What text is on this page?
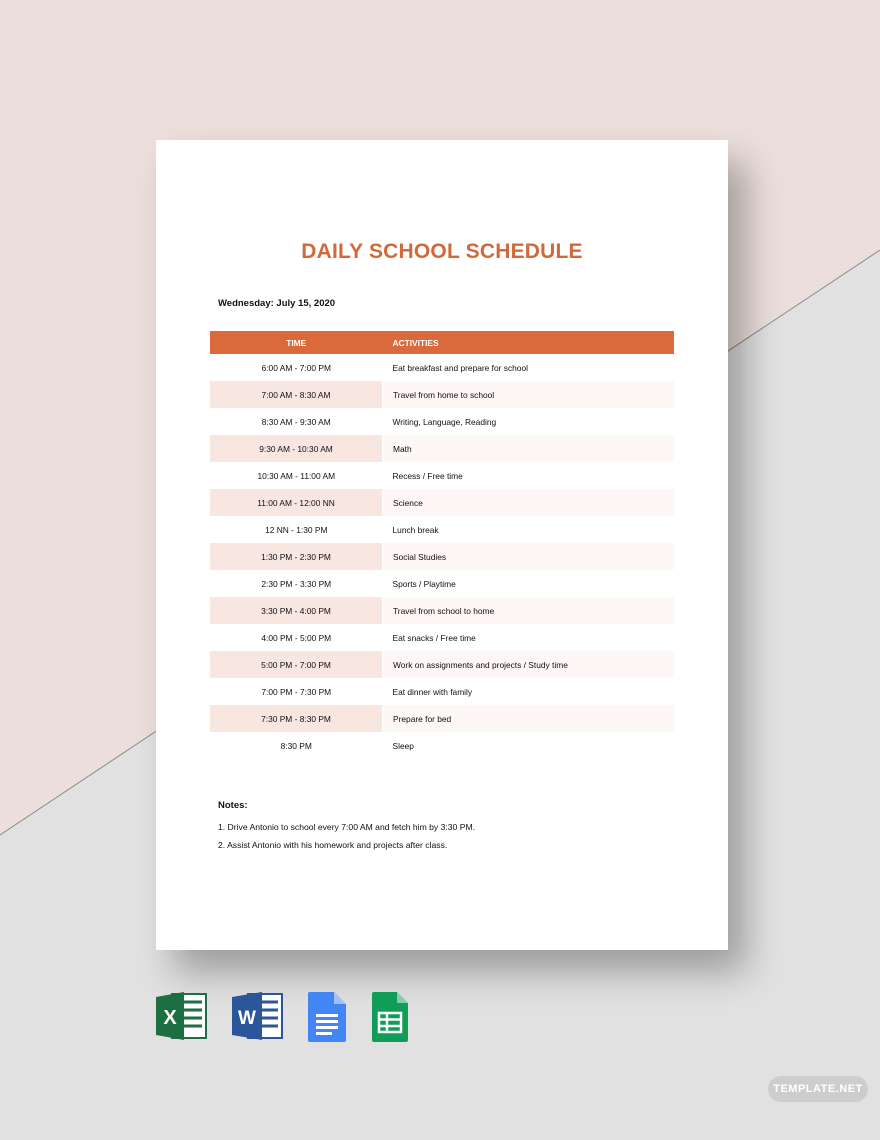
DAILY SCHOOL SCHEDULE
Wednesday: July 15, 2020
TIME	ACTIVITIES
6:00 AM - 7:00 PM	Eat breakfast and prepare for school
7:00 AM - 8:30 AM	Travel from home to school
8:30 AM - 9:30 AM	Writing, Language, Reading
9:30 AM - 10:30 AM	Math
10:30 AM - 11:00 AM	Recess / Free time
11:00 AM - 12:00 NN	Science
12 NN - 1:30 PM	Lunch break
1:30 PM - 2:30 PM	Social Studies
2:30 PM - 3:30 PM	Sports / Playtime
3:30 PM - 4:00 PM	Travel from school to home
4:00 PM - 5:00 PM	Eat snacks / Free time
5:00 PM - 7:00 PM	Work on assignments and projects / Study time
7:00 PM - 7:30 PM	Eat dinner with family
7:30 PM - 8:30 PM	Prepare for bed
8:30 PM	Sleep
Notes:
1. Drive Antonio to school every 7:00 AM and fetch him by 3:30 PM.
2. Assist Antonio with his homework and projects after class.
X	W
TEMPLATE.NET
